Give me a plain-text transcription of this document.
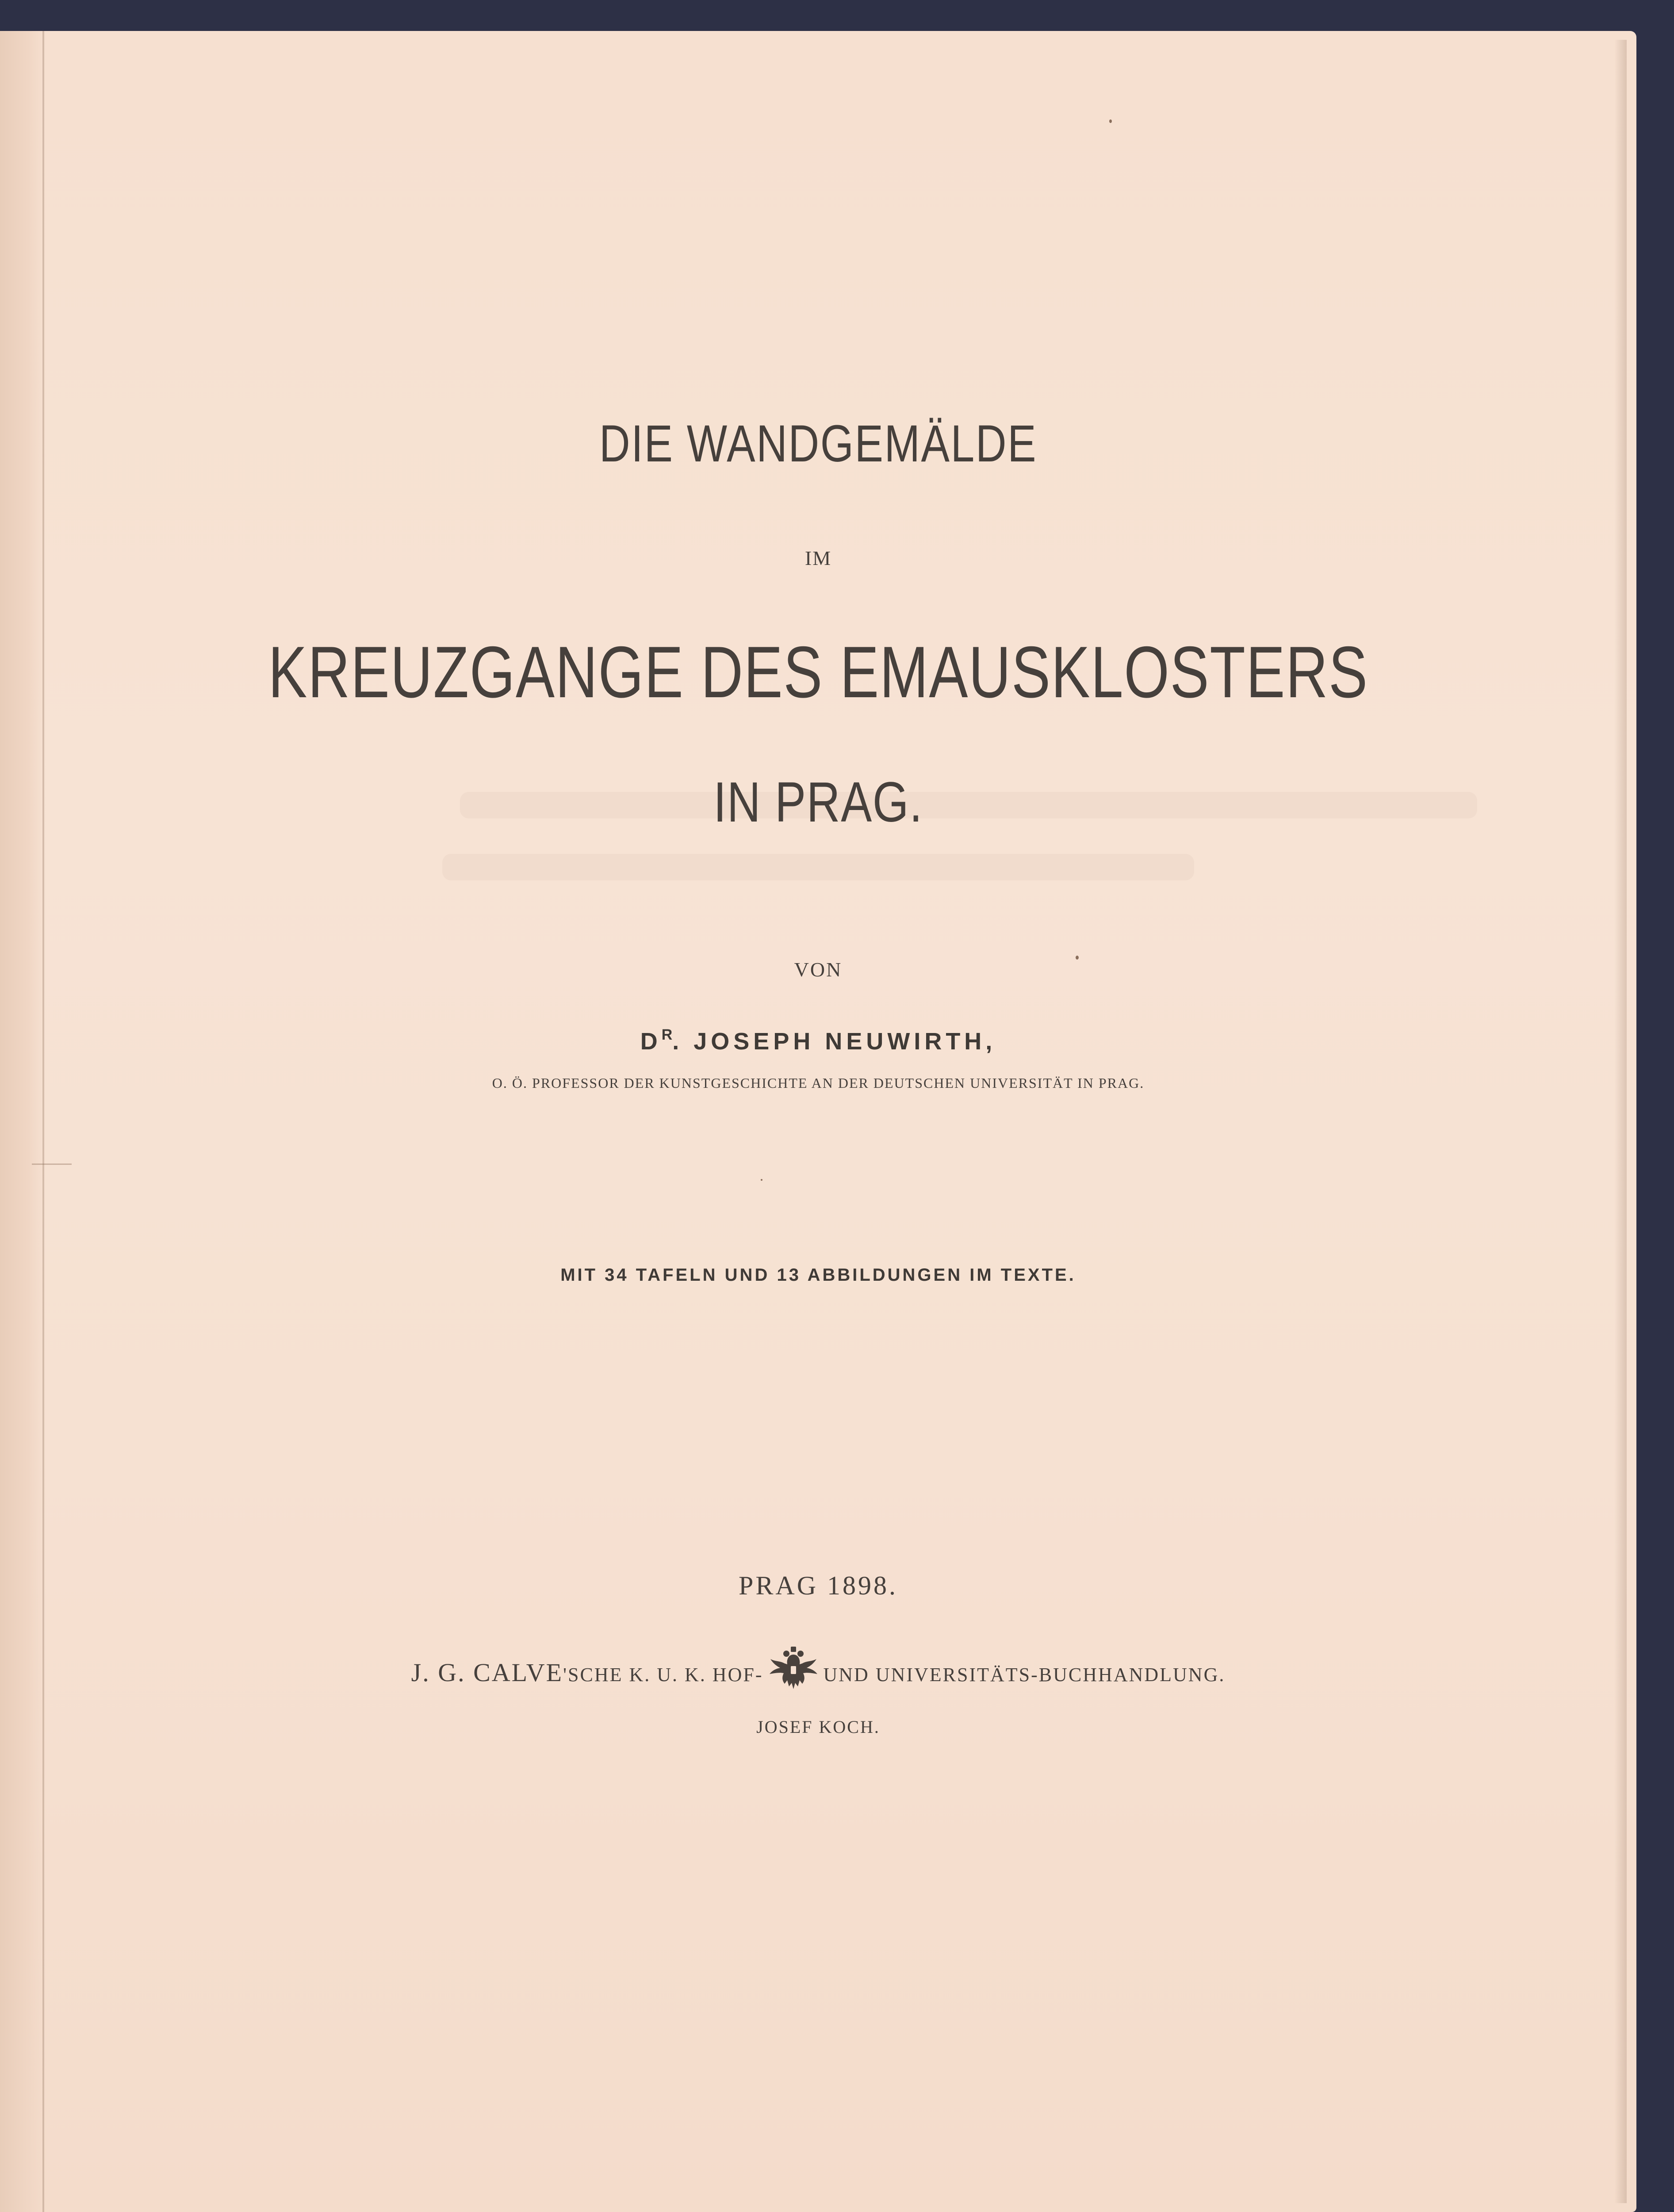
DIE WANDGEMÄLDE
IM
KREUZGANGE DES EMAUSKLOSTERS
IN PRAG.
VON
$D^R$. JOSEPH NEUWIRTH,
O. Ö. PROFESSOR DER KUNSTGESCHICHTE AN DER DEUTSCHEN UNIVERSITÄT IN PRAG.
MIT 34 TAFELN UND 13 ABBILDUNGEN IM TEXTE.
PRAG 1898.
J. G. CALVE'SCHE K. U. K. HOF-	UND UNIVERSITÄTS-BUCHHANDLUNG.
JOSEF KOCH.
